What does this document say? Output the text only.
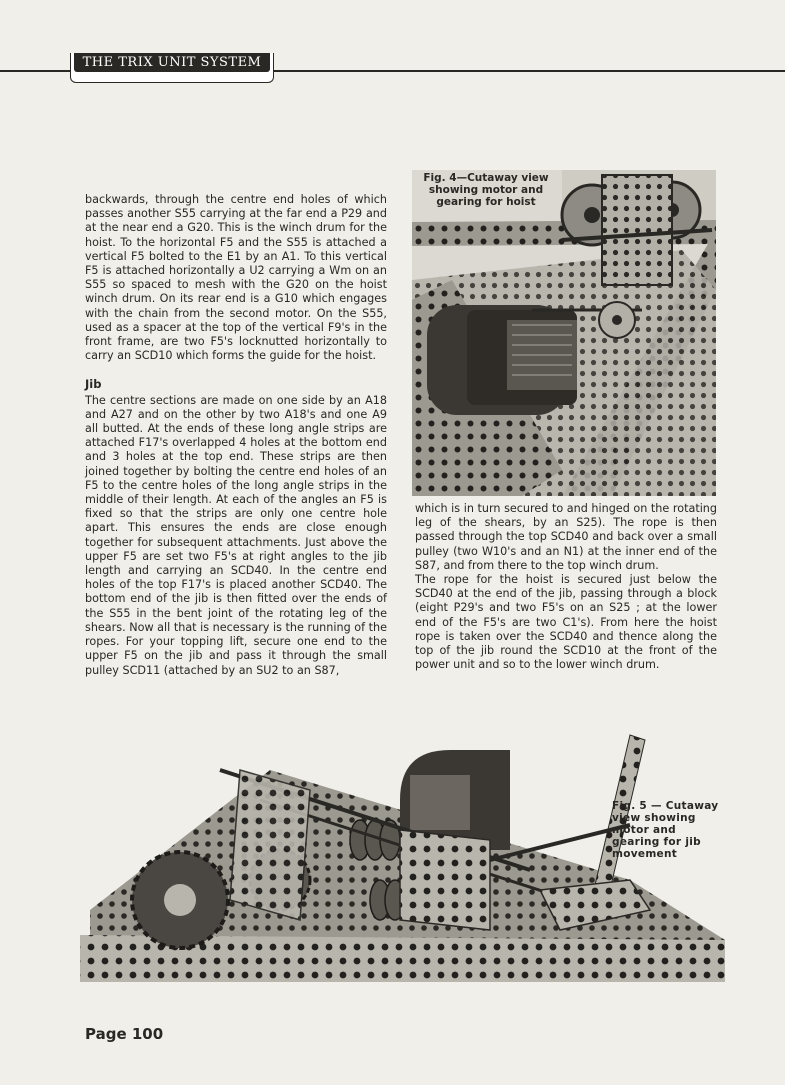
THE TRIX UNIT SYSTEM

backwards, through the centre end holes of which passes another S55 carrying at the far end a P29 and at the near end a G20. This is the winch drum for the hoist. To the horizontal F5 and the S55 is attached a vertical F5 bolted to the E1 by an A1. To this vertical F5 is attached horizontally a U2 carrying a Wm on an S55 so spaced to mesh with the G20 on the hoist winch drum. On its rear end is a G10 which engages with the chain from the second motor. On the S55, used as a spacer at the top of the vertical F9's in the front frame, are two F5's locknutted horizontally to carry an SCD10 which forms the guide for the hoist.

Jib

The centre sections are made on one side by an A18 and A27 and on the other by two A18's and one A9 all butted. At the ends of these long angle strips are attached F17's overlapped 4 holes at the bottom end and 3 holes at the top end. These strips are then joined together by bolting the centre end holes of an F5 to the centre holes of the long angle strips in the middle of their length. At each of the angles an F5 is fixed so that the strips are only one centre hole apart. This ensures the ends are close enough together for subsequent attachments. Just above the upper F5 are set two F5's at right angles to the jib length and carrying an SCD40. In the centre end holes of the top F17's is placed another SCD40. The bottom end of the jib is then fitted over the ends of the S55 in the bent joint of the rotating leg of the shears. Now all that is necessary is the running of the ropes. For your topping lift, secure one end to the upper F5 on the jib and pass it through the small pulley SCD11 (attached by an SU2 to an S87,

Fig. 4—Cutaway view showing motor and gearing for hoist

which is in turn secured to and hinged on the rotating leg of the shears, by an S25). The rope is then passed through the top SCD40 and back over a small pulley (two W10's and an N1) at the inner end of the S87, and from there to the top winch drum.

The rope for the hoist is secured just below the SCD40 at the end of the jib, passing through a block (eight P29's and two F5's on an S25 ; at the lower end of the F5's are two C1's). From here the hoist rope is taken over the SCD40 and thence along the top of the jib round the SCD10 at the front of the power unit and so to the lower winch drum.

Fig. 5 — Cutaway view showing motor and gearing for jib movement
Page 100
